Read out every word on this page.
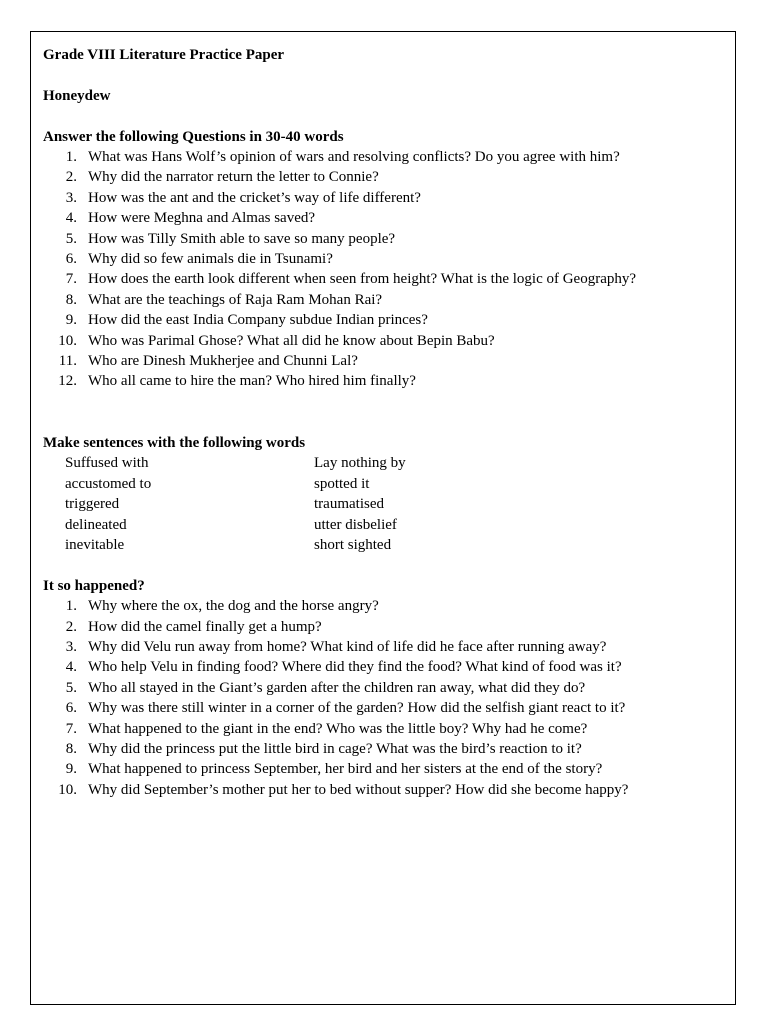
Grade VIII Literature Practice Paper

Honeydew

Answer the following Questions in 30-40 words

1. What was Hans Wolf’s opinion of wars and resolving conflicts? Do you agree with him?
2. Why did the narrator return the letter to Connie?
3. How was the ant and the cricket’s way of life different?
4. How were Meghna and Almas saved?
5. How was Tilly Smith able to save so many people?
6. Why did so few animals die in Tsunami?
7. How does the earth look different when seen from height? What is the logic of Geography?
8. What are the teachings of Raja Ram Mohan Rai?
9. How did the east India Company subdue Indian princes?
10. Who was Parimal Ghose? What all did he know about Bepin Babu?
11. Who are Dinesh Mukherjee and Chunni Lal?
12. Who all came to hire the man? Who hired him finally?

Make sentences with the following words

Suffused with	Lay nothing by
accustomed to	spotted it
triggered	traumatised
delineated	utter disbelief
inevitable	short sighted

It so happened?

1. Why where the ox, the dog and the horse angry?
2. How did the camel finally get a hump?
3. Why did Velu run away from home? What kind of life did he face after running away?
4. Who help Velu in finding food? Where did they find the food? What kind of food was it?
5. Who all stayed in the Giant’s garden after the children ran away, what did they do?
6. Why was there still winter in a corner of the garden? How did the selfish giant react to it?
7. What happened to the giant in the end? Who was the little boy? Why had he come?
8. Why did the princess put the little bird in cage? What was the bird’s reaction to it?
9. What happened to princess September, her bird and her sisters at the end of the story?
10. Why did September’s mother put her to bed without supper? How did she become happy?
